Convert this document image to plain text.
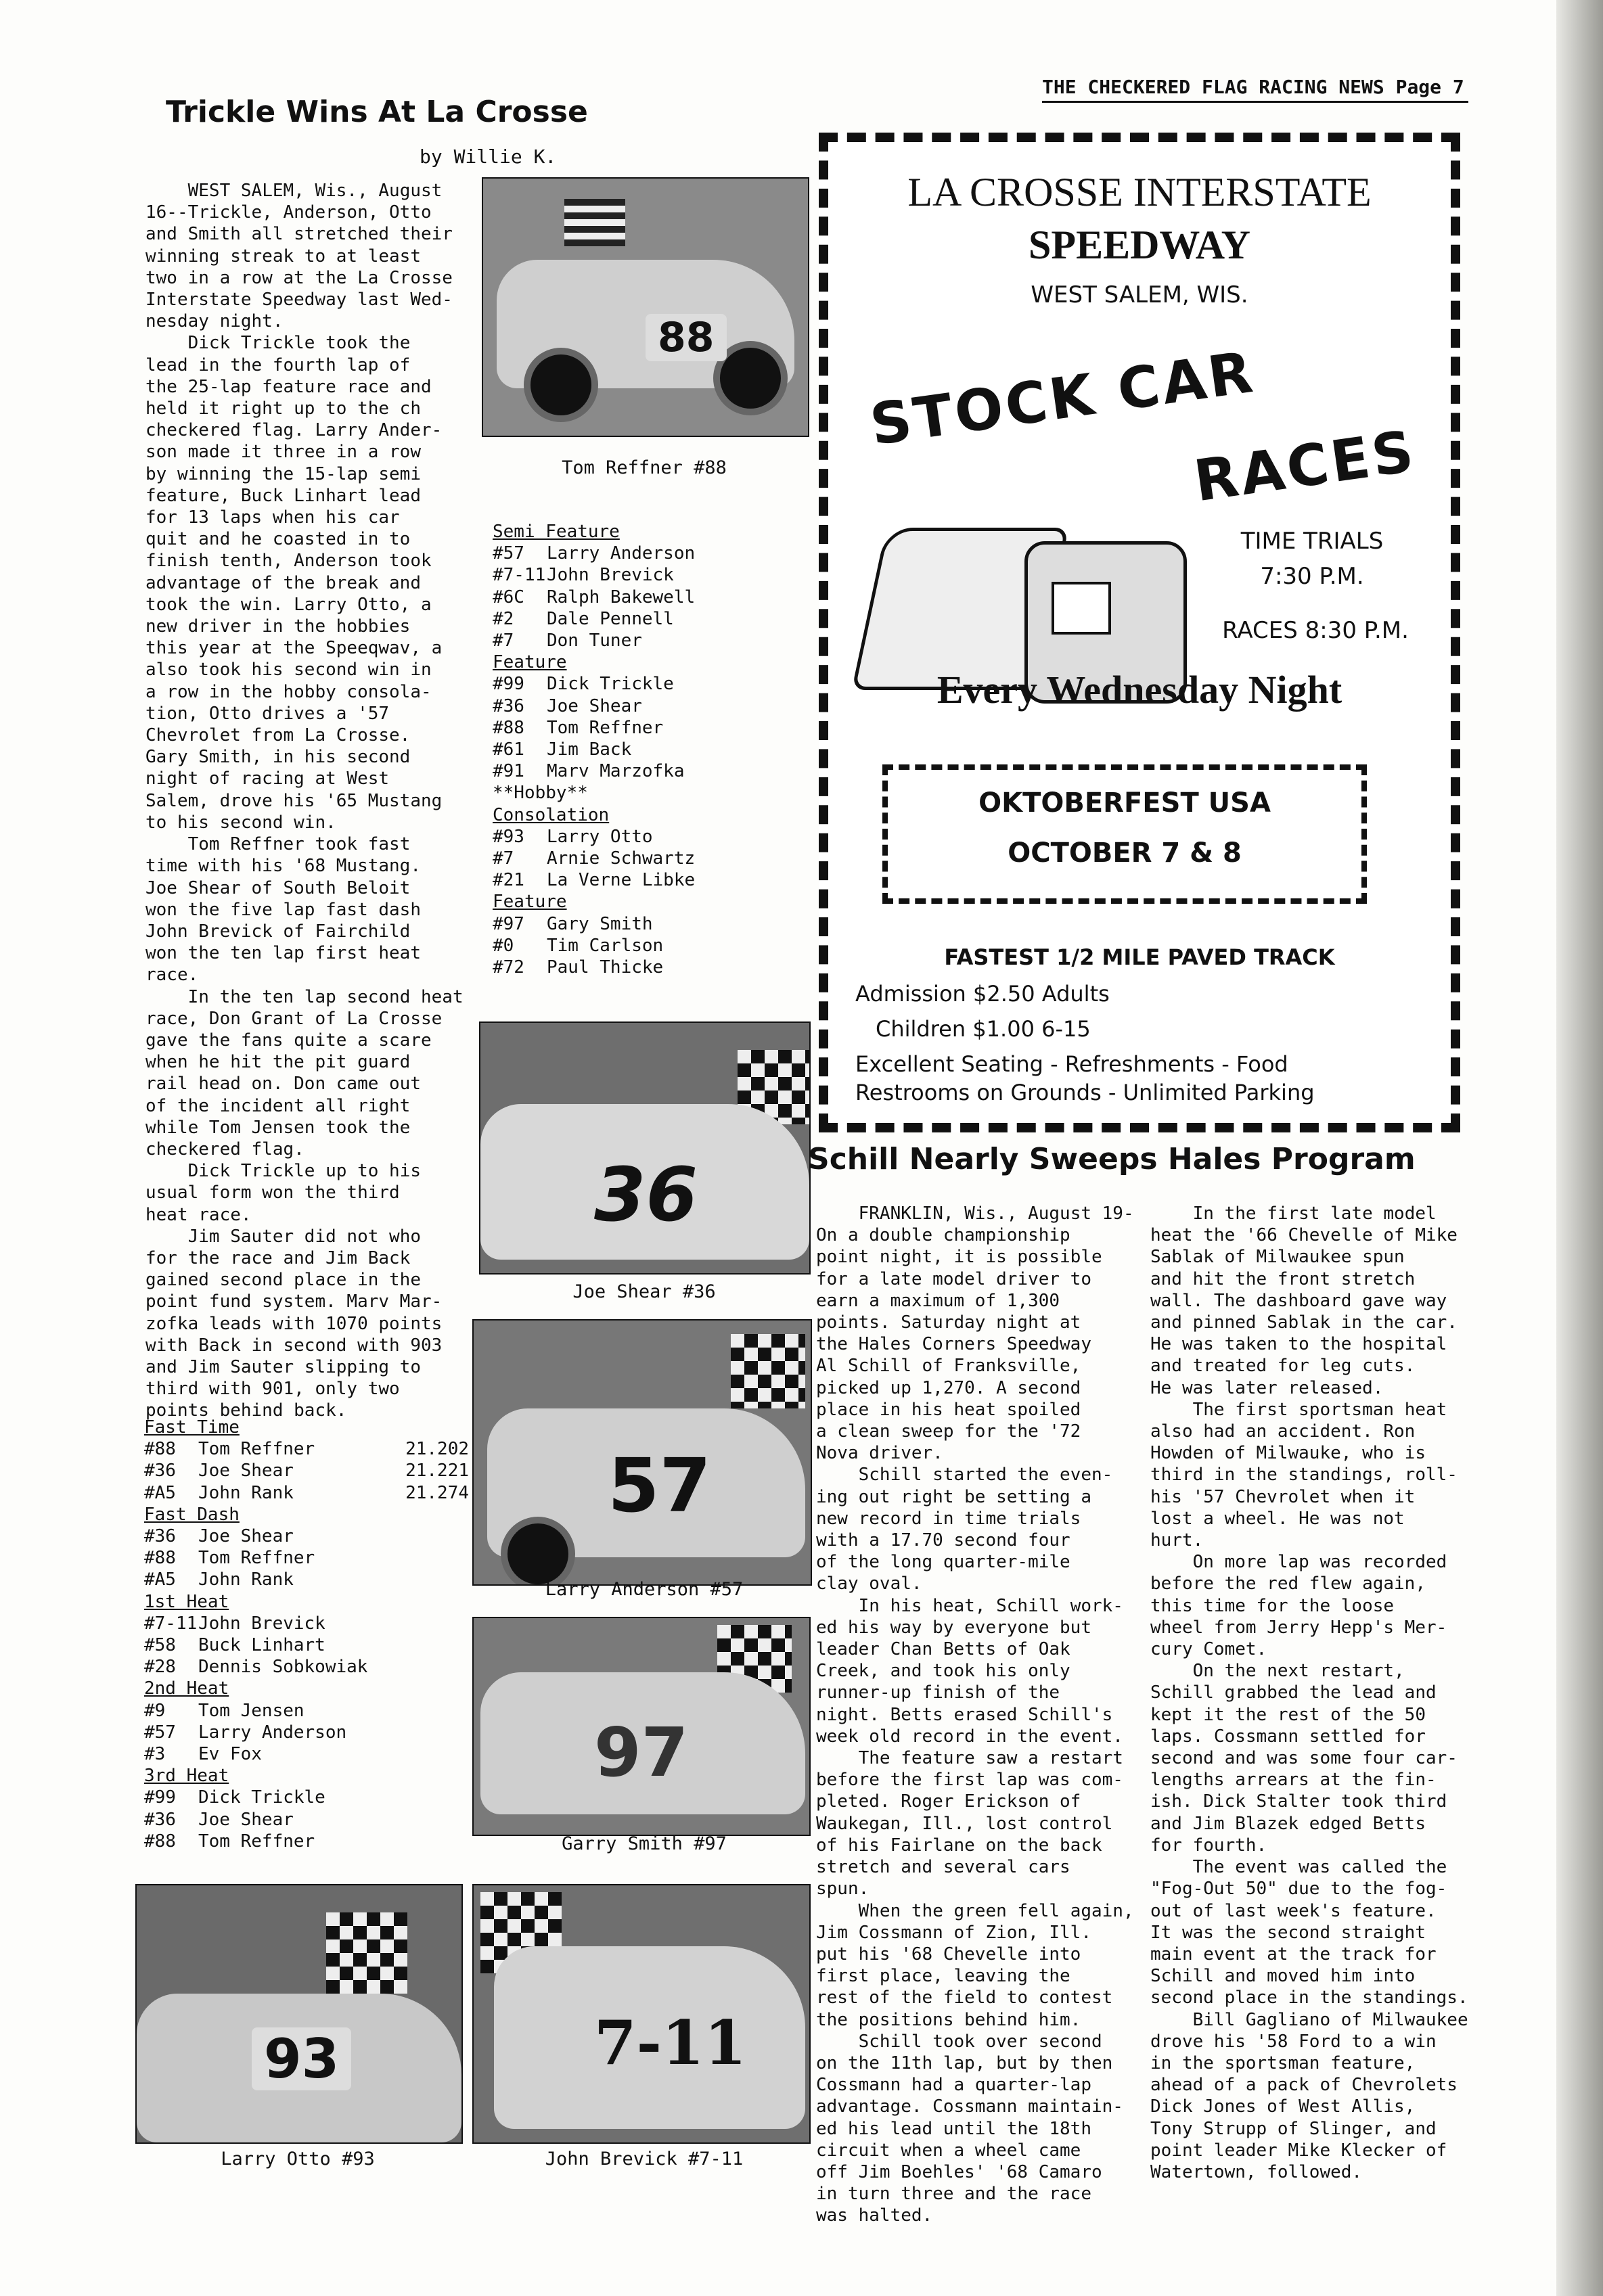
THE CHECKERED FLAG RACING NEWS Page 7
Trickle Wins At La Crosse
by Willie K.
WEST SALEM, Wis., August
16--Trickle, Anderson, Otto
and Smith all stretched their
winning streak to at least
two in a row at the La Crosse
Interstate Speedway last Wed-
nesday night.
Dick Trickle took the
lead in the fourth lap of
the 25-lap feature race and
held it right up to the ch
checkered flag. Larry Ander-
son made it three in a row
by winning the 15-lap semi
feature, Buck Linhart lead
for 13 laps when his car
quit and he coasted in to
finish tenth, Anderson took
advantage of the break and
took the win. Larry Otto, a
new driver in the hobbies
this year at the Speeqwav, a
also took his second win in
a row in the hobby consola-
tion, Otto drives a '57
Chevrolet from La Crosse.
Gary Smith, in his second
night of racing at West
Salem, drove his '65 Mustang
to his second win.
Tom Reffner took fast
time with his '68 Mustang.
Joe Shear of South Beloit
won the five lap fast dash
John Brevick of Fairchild
won the ten lap first heat
race.
In the ten lap second heat
race, Don Grant of La Crosse
gave the fans quite a scare
when he hit the pit guard
rail head on. Don came out
of the incident all right
while Tom Jensen took the
checkered flag.
Dick Trickle up to his
usual form won the third
heat race.
Jim Sauter did not who
for the race and Jim Back
gained second place in the
point fund system. Marv Mar-
zofka leads with 1070 points
with Back in second with 903
and Jim Sauter slipping to
third with 901, only two
points behind back.
Fast Time
#88	Tom Reffner	21.202
#36	Joe Shear	21.221
#A5	John Rank	21.274
Fast Dash
#36	Joe Shear
#88	Tom Reffner
#A5	John Rank
1st Heat
#7-11 John Brevick
#58	Buck Linhart
#28	Dennis Sobkowiak
2nd Heat
#9	Tom Jensen
#57	Larry Anderson
#3	Ev Fox
3rd Heat
#99	Dick Trickle
#36	Joe Shear
#88	Tom Reffner
88
Tom Reffner #88
Semi Feature
#57	Larry Anderson
#7-11 John Brevick
#6C	Ralph Bakewell
#2	Dale Pennell
#7	Don Tuner
Feature
#99	Dick Trickle
#36	Joe Shear
#88	Tom Reffner
#61	Jim Back
#91	Marv Marzofka
**Hobby**
Consolation
#93	Larry Otto
#7	Arnie Schwartz
#21	La Verne Libke
Feature
#97	Gary Smith
#0	Tim Carlson
#72	Paul Thicke
36
Joe Shear #36
57
Larry Anderson #57
97
Garry Smith #97
93
Larry Otto #93
7-11
John Brevick #7-11
LA CROSSE INTERSTATE
SPEEDWAY
WEST SALEM, WIS.
STOCK CAR
RACES
TIME TRIALS
7:30 P.M.
RACES 8:30 P.M.
Every Wednesday Night
OKTOBERFEST USA
OCTOBER 7 & 8
FASTEST 1/2 MILE PAVED TRACK
Admission $2.50 Adults
Children $1.00 6-15
Excellent Seating - Refreshments - Food
Restrooms on Grounds - Unlimited Parking
Schill Nearly Sweeps Hales Program
FRANKLIN, Wis., August 19-
On a double championship
point night, it is possible
for a late model driver to
earn a maximum of 1,300
points. Saturday night at
the Hales Corners Speedway
Al Schill of Franksville,
picked up 1,270. A second
place in his heat spoiled
a clean sweep for the '72
Nova driver.
Schill started the even-
ing out right be setting a
new record in time trials
with a 17.70 second four
of the long quarter-mile
clay oval.
In his heat, Schill work-
ed his way by everyone but
leader Chan Betts of Oak
Creek, and took his only
runner-up finish of the
night. Betts erased Schill's
week old record in the event.
The feature saw a restart
before the first lap was com-
pleted. Roger Erickson of
Waukegan, Ill., lost control
of his Fairlane on the back
stretch and several cars
spun.
When the green fell again,
Jim Cossmann of Zion, Ill.
put his '68 Chevelle into
first place, leaving the
rest of the field to contest
the positions behind him.
Schill took over second
on the 11th lap, but by then
Cossmann had a quarter-lap
advantage. Cossmann maintain-
ed his lead until the 18th
circuit when a wheel came
off Jim Boehles' '68 Camaro
in turn three and the race
was halted.
In the first late model
heat the '66 Chevelle of Mike
Sablak of Milwaukee spun
and hit the front stretch
wall. The dashboard gave way
and pinned Sablak in the car.
He was taken to the hospital
and treated for leg cuts.
He was later released.
The first sportsman heat
also had an accident. Ron
Howden of Milwauke, who is
third in the standings, roll-
his '57 Chevrolet when it
lost a wheel. He was not
hurt.
On more lap was recorded
before the red flew again,
this time for the loose
wheel from Jerry Hepp's Mer-
cury Comet.
On the next restart,
Schill grabbed the lead and
kept it the rest of the 50
laps. Cossmann settled for
second and was some four car-
lengths arrears at the fin-
ish. Dick Stalter took third
and Jim Blazek edged Betts
for fourth.
The event was called the
"Fog-Out 50" due to the fog-
out of last week's feature.
It was the second straight
main event at the track for
Schill and moved him into
second place in the standings.
Bill Gagliano of Milwaukee
drove his '58 Ford to a win
in the sportsman feature,
ahead of a pack of Chevrolets
Dick Jones of West Allis,
Tony Strupp of Slinger, and
point leader Mike Klecker of
Watertown, followed.
